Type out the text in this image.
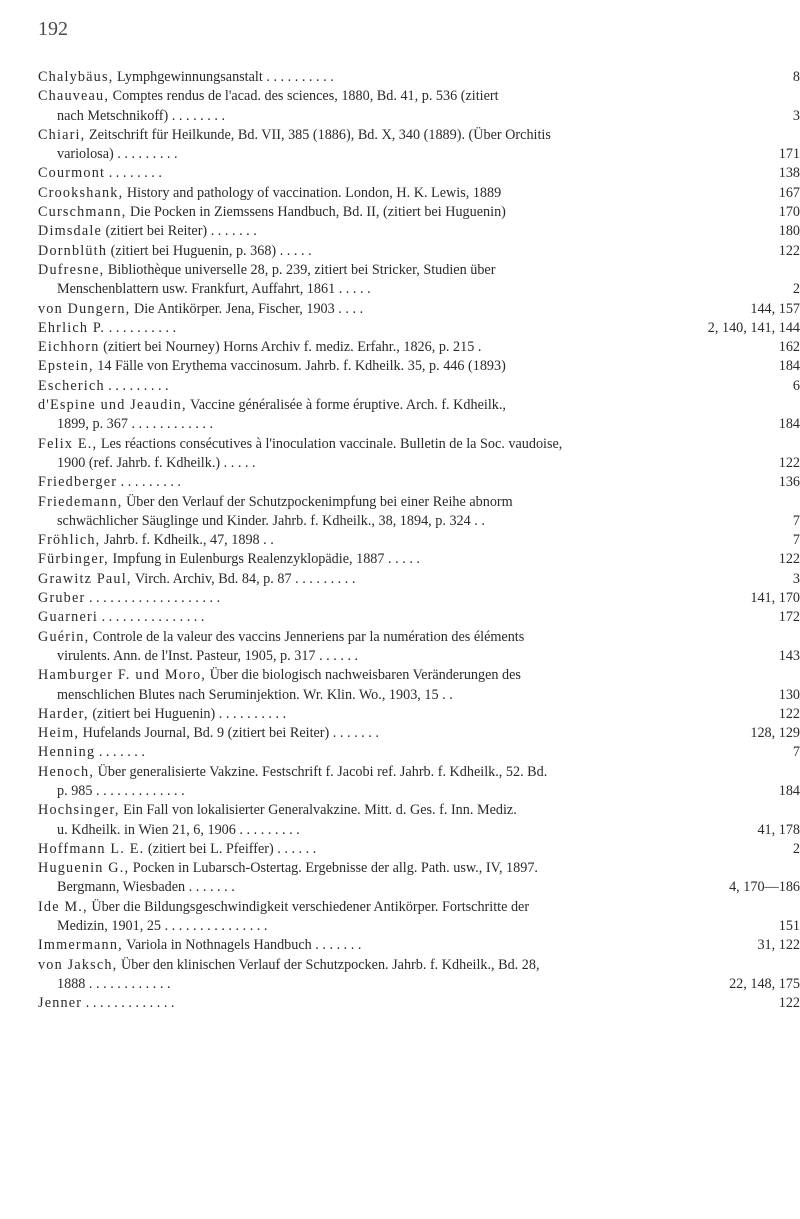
192
Chalybäus, Lymphgewinnungsanstalt . . . . . . . . . .	8
Chauveau, Comptes rendus de l'acad. des sciences, 1880, Bd. 41, p. 536 (zitiert
nach Metschnikoff) . . . . . . . .	3
Chiari, Zeitschrift für Heilkunde, Bd. VII, 385 (1886), Bd. X, 340 (1889). (Über Orchitis
variolosa) . . . . . . . . .	171
Courmont . . . . . . . .	138
Crookshank, History and pathology of vaccination. London, H. K. Lewis, 1889	167
Curschmann, Die Pocken in Ziemssens Handbuch, Bd. II, (zitiert bei Huguenin)	170
Dimsdale (zitiert bei Reiter) . . . . . . .	180
Dornblüth (zitiert bei Huguenin, p. 368) . . . . .	122
Dufresne, Bibliothèque universelle 28, p. 239, zitiert bei Stricker, Studien über
Menschenblattern usw. Frankfurt, Auffahrt, 1861 . . . . .	2
von Dungern, Die Antikörper. Jena, Fischer, 1903 . . . .	144, 157
Ehrlich P. . . . . . . . . . .	2, 140, 141, 144
Eichhorn (zitiert bei Nourney) Horns Archiv f. mediz. Erfahr., 1826, p. 215 .	162
Epstein, 14 Fälle von Erythema vaccinosum. Jahrb. f. Kdheilk. 35, p. 446 (1893)	184
Escherich . . . . . . . . .	6
d'Espine und Jeaudin, Vaccine généralisée à forme éruptive. Arch. f. Kdheilk.,
1899, p. 367 . . . . . . . . . . . .	184
Felix E., Les réactions consécutives à l'inoculation vaccinale. Bulletin de la Soc. vaudoise,
1900 (ref. Jahrb. f. Kdheilk.) . . . . .	122
Friedberger . . . . . . . . .	136
Friedemann, Über den Verlauf der Schutzpockenimpfung bei einer Reihe abnorm
schwächlicher Säuglinge und Kinder. Jahrb. f. Kdheilk., 38, 1894, p. 324 . .	7
Fröhlich, Jahrb. f. Kdheilk., 47, 1898 . .	7
Fürbinger, Impfung in Eulenburgs Realenzyklopädie, 1887 . . . . .	122
Grawitz Paul, Virch. Archiv, Bd. 84, p. 87 . . . . . . . . .	3
Gruber . . . . . . . . . . . . . . . . . . .	141, 170
Guarneri . . . . . . . . . . . . . . .	172
Guérin, Controle de la valeur des vaccins Jenneriens par la numération des éléments
virulents. Ann. de l'Inst. Pasteur, 1905, p. 317 . . . . . .	143
Hamburger F. und Moro, Über die biologisch nachweisbaren Veränderungen des
menschlichen Blutes nach Seruminjektion. Wr. Klin. Wo., 1903, 15 . .	130
Harder, (zitiert bei Huguenin) . . . . . . . . . .	122
Heim, Hufelands Journal, Bd. 9 (zitiert bei Reiter) . . . . . . .	128, 129
Henning . . . . . . .	7
Henoch, Über generalisierte Vakzine. Festschrift f. Jacobi ref. Jahrb. f. Kdheilk., 52. Bd.
p. 985 . . . . . . . . . . . . .	184
Hochsinger, Ein Fall von lokalisierter Generalvakzine. Mitt. d. Ges. f. Inn. Mediz.
u. Kdheilk. in Wien 21, 6, 1906 . . . . . . . . .	41, 178
Hoffmann L. E. (zitiert bei L. Pfeiffer) . . . . . .	2
Huguenin G., Pocken in Lubarsch-Ostertag. Ergebnisse der allg. Path. usw., IV, 1897.
Bergmann, Wiesbaden . . . . . . .	4, 170—186
Ide M., Über die Bildungsgeschwindigkeit verschiedener Antikörper. Fortschritte der
Medizin, 1901, 25 . . . . . . . . . . . . . . .	151
Immermann, Variola in Nothnagels Handbuch . . . . . . .	31, 122
von Jaksch, Über den klinischen Verlauf der Schutzpocken. Jahrb. f. Kdheilk., Bd. 28,
1888 . . . . . . . . . . . .	22, 148, 175
Jenner . . . . . . . . . . . . .	122
